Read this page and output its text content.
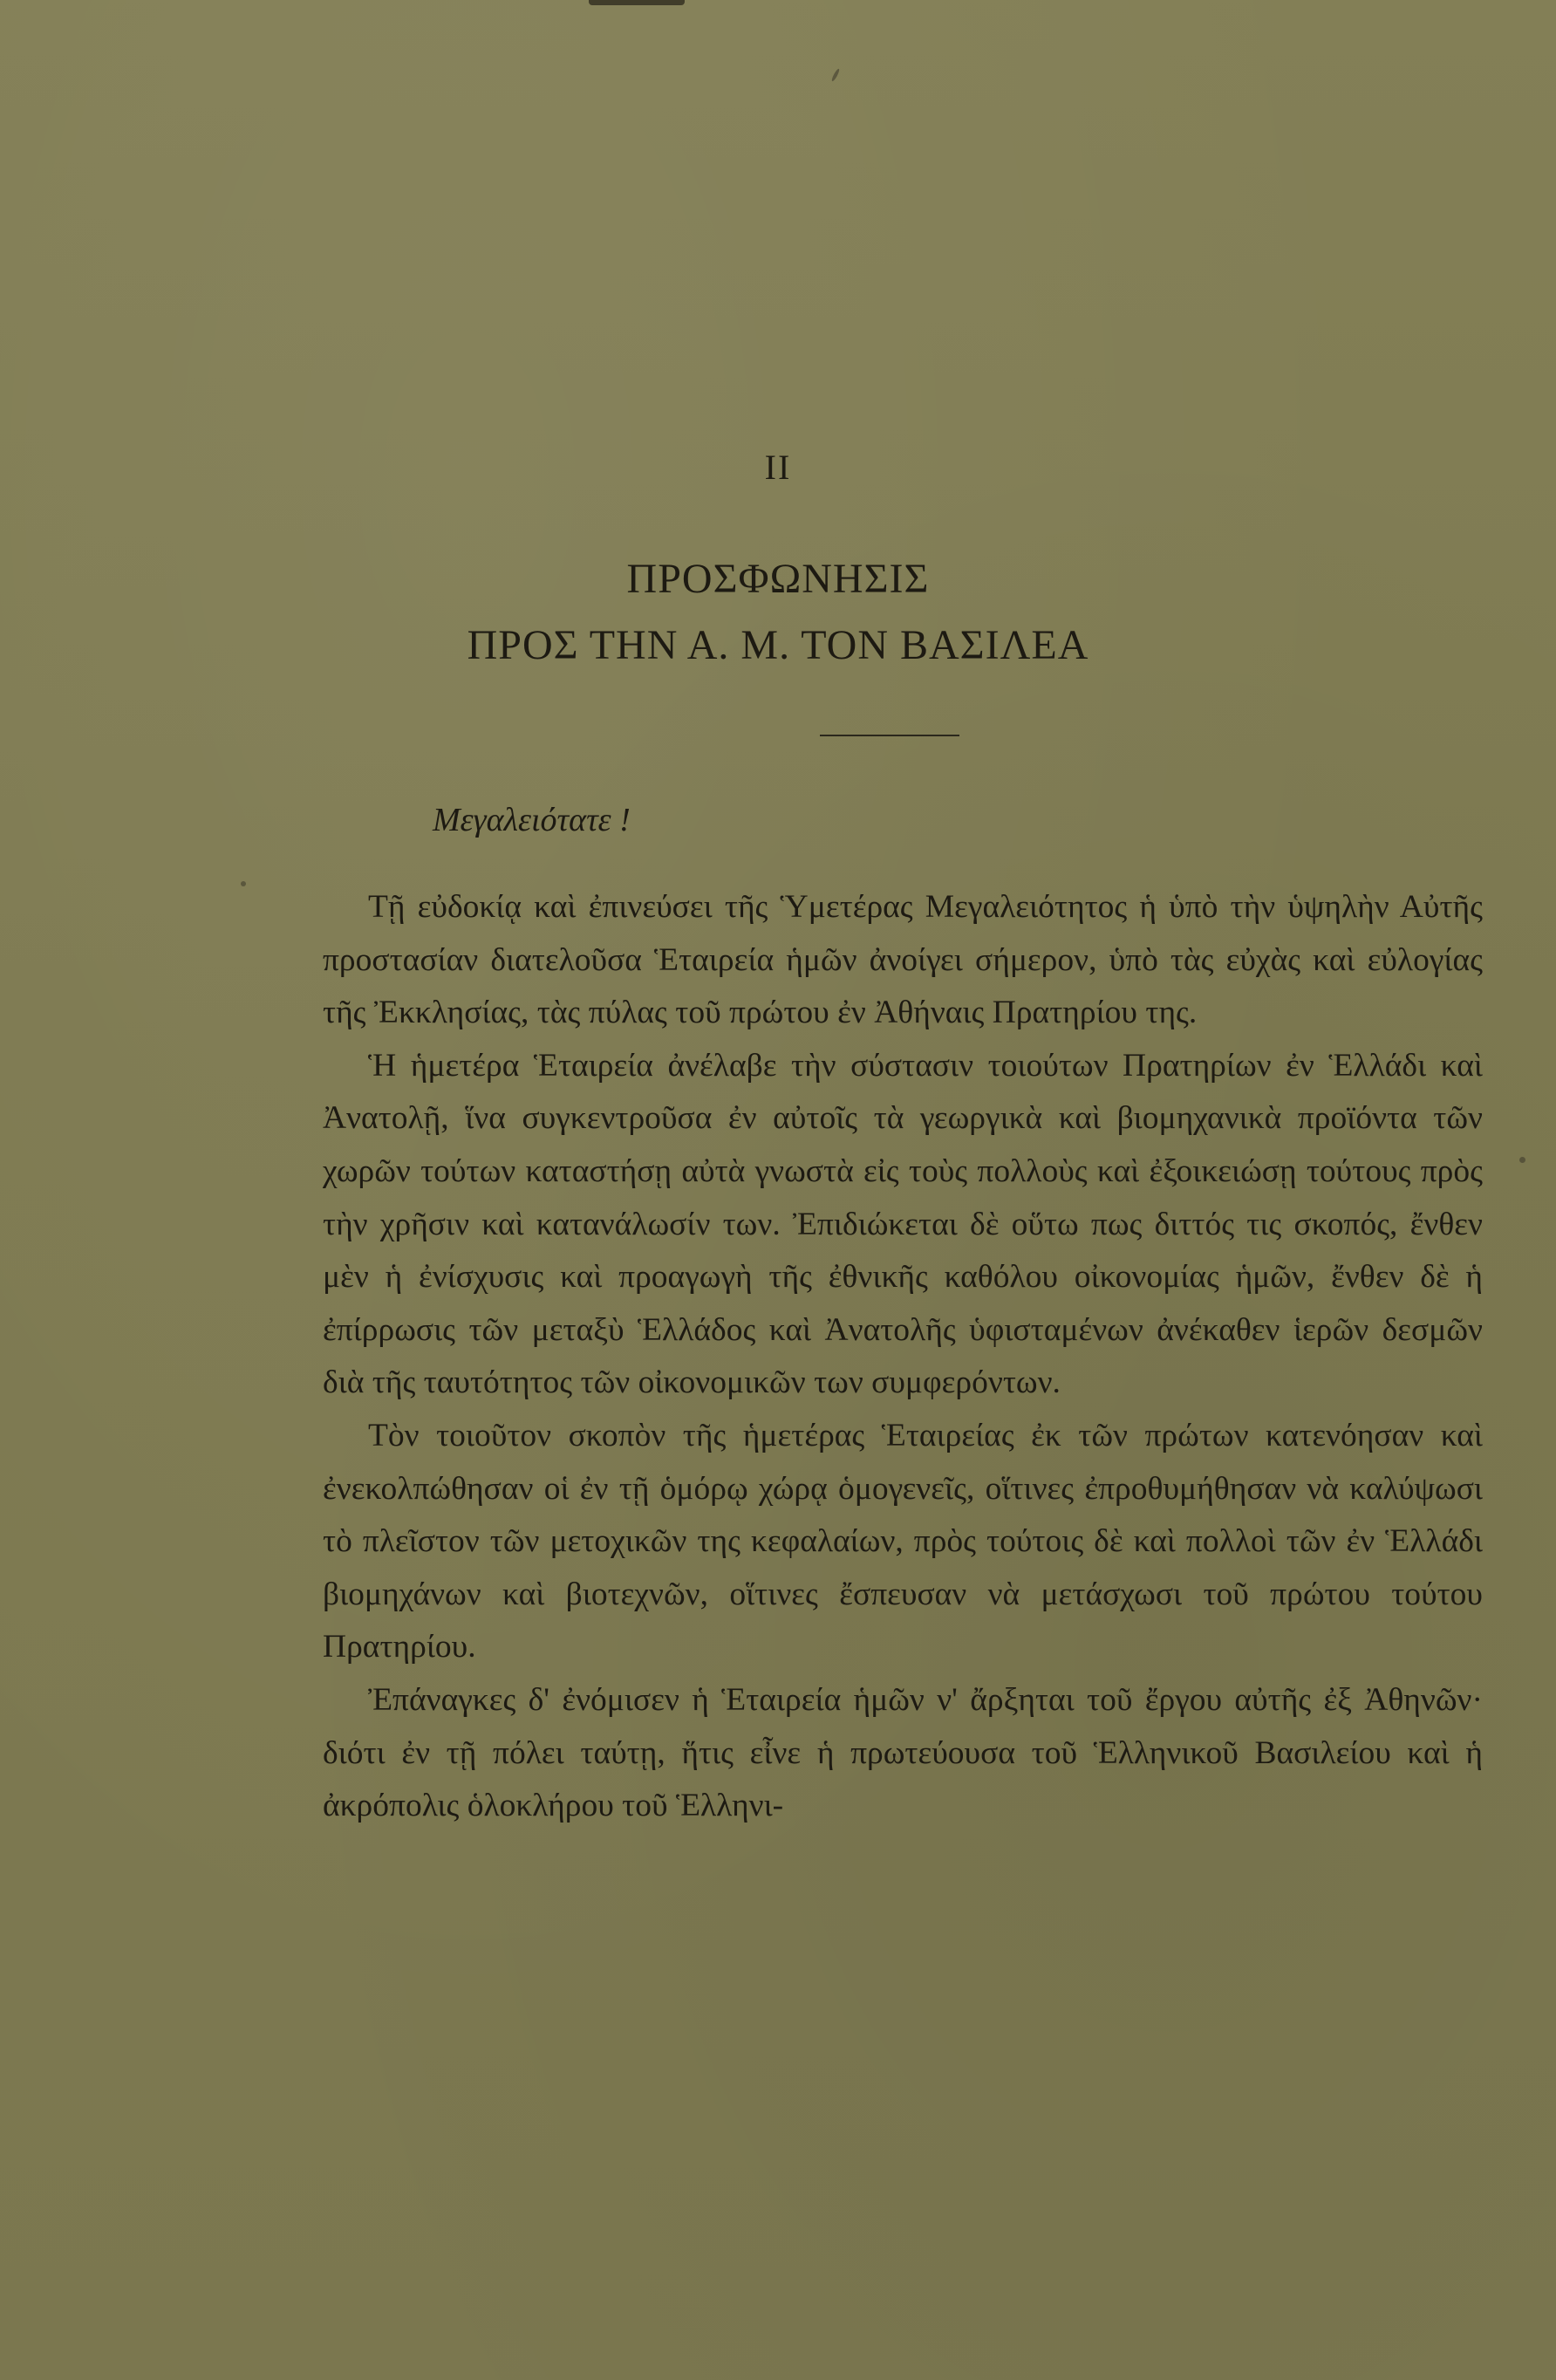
II
ΠΡΟΣΦΩΝΗΣΙΣ
ΠΡΟΣ ΤΗΝ Α. Μ. ΤΟΝ ΒΑΣΙΛΕΑ
Μεγαλειότατε !

Τῇ εὐδοκίᾳ καὶ ἐπινεύσει τῆς Ὑμετέρας Μεγαλειότητος ἡ ὑπὸ τὴν ὑψηλὴν Αὐτῆς προστασίαν διατελοῦσα Ἑταιρεία ἡμῶν ἀνοίγει σήμερον, ὑπὸ τὰς εὐχὰς καὶ εὐλογίας τῆς Ἐκκλησίας, τὰς πύλας τοῦ πρώτου ἐν Ἀθήναις Πρατηρίου της.

Ἡ ἡμετέρα Ἑταιρεία ἀνέλαβε τὴν σύστασιν τοιούτων Πρατηρίων ἐν Ἑλλάδι καὶ Ἀνατολῇ, ἵνα συγκεντροῦσα ἐν αὐτοῖς τὰ γεωργικὰ καὶ βιομηχανικὰ προϊόντα τῶν χωρῶν τούτων καταστήσῃ αὐτὰ γνωστὰ εἰς τοὺς πολλοὺς καὶ ἐξοικειώσῃ τούτους πρὸς τὴν χρῆσιν καὶ κατανάλωσίν των. Ἐπιδιώκεται δὲ οὕτω πως διττός τις σκοπός, ἔνθεν μὲν ἡ ἐνίσχυσις καὶ προαγωγὴ τῆς ἐθνικῆς καθόλου οἰκονομίας ἡμῶν, ἔνθεν δὲ ἡ ἐπίρρωσις τῶν μεταξὺ Ἑλλάδος καὶ Ἀνατολῆς ὑφισταμένων ἀνέκαθεν ἱερῶν δεσμῶν διὰ τῆς ταυτότητος τῶν οἰκονομικῶν των συμφερόντων.

Τὸν τοιοῦτον σκοπὸν τῆς ἡμετέρας Ἑταιρείας ἐκ τῶν πρώτων κατενόησαν καὶ ἐνεκολπώθησαν οἱ ἐν τῇ ὁμόρῳ χώρᾳ ὁμογενεῖς, οἵτινες ἐπροθυμήθησαν νὰ καλύψωσι τὸ πλεῖστον τῶν μετοχικῶν της κεφαλαίων, πρὸς τούτοις δὲ καὶ πολλοὶ τῶν ἐν Ἑλλάδι βιομηχάνων καὶ βιοτεχνῶν, οἵτινες ἔσπευσαν νὰ μετάσχωσι τοῦ πρώτου τούτου Πρατηρίου.

Ἐπάναγκες δ' ἐνόμισεν ἡ Ἑταιρεία ἡμῶν ν' ἄρξηται τοῦ ἔργου αὐτῆς ἐξ Ἀθηνῶν· διότι ἐν τῇ πόλει ταύτῃ, ἥτις εἶνε ἡ πρωτεύουσα τοῦ Ἑλληνικοῦ Βασιλείου καὶ ἡ ἀκρόπολις ὁλοκλήρου τοῦ Ἑλληνι-
